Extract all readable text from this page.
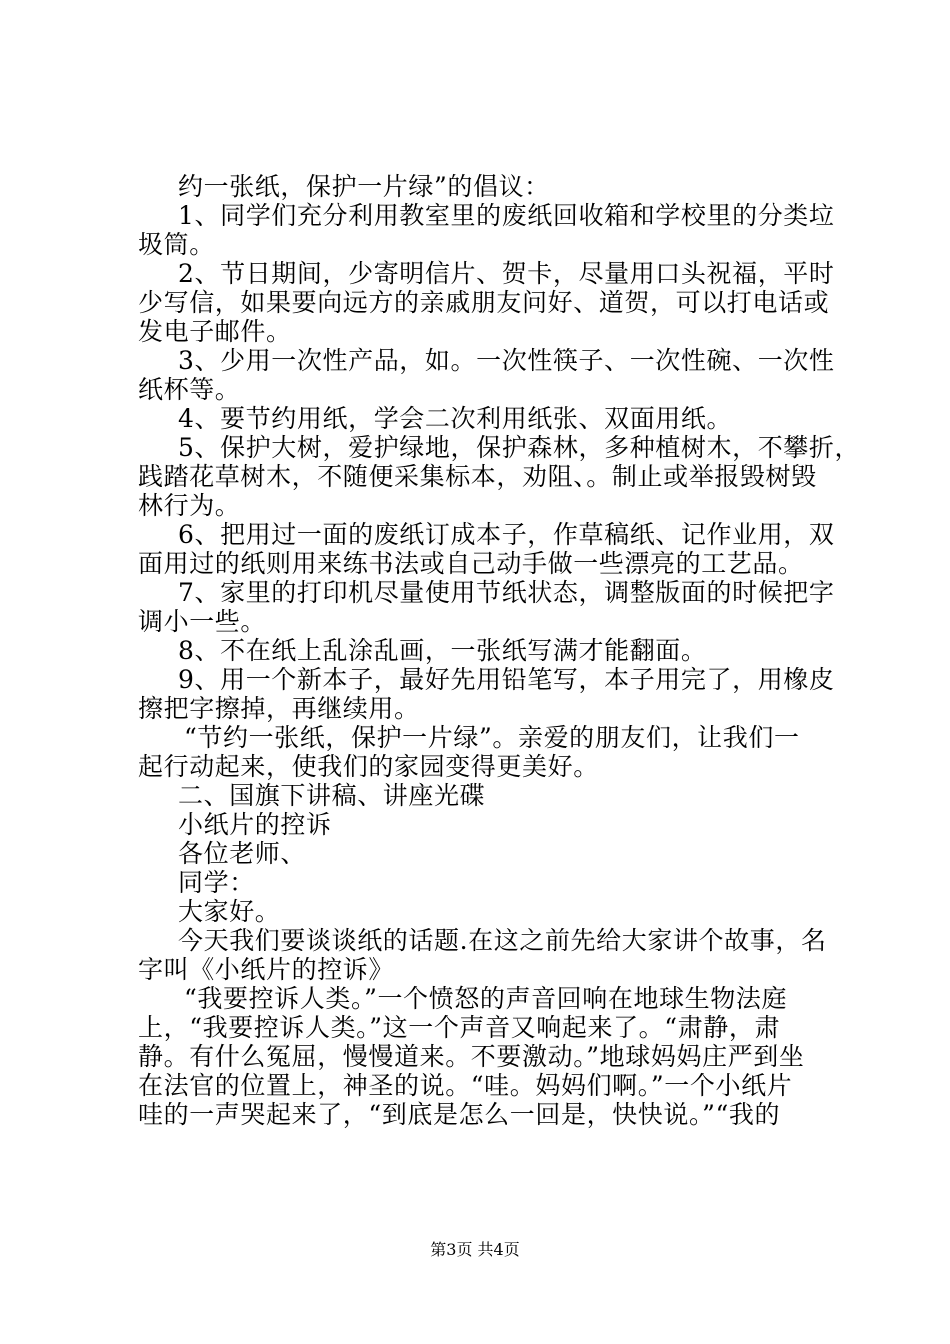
约一张纸，保护一片绿”的倡议：
1、同学们充分利用教室里的废纸回收箱和学校里的分类垃
圾筒。
2、节日期间，少寄明信片、贺卡，尽量用口头祝福，平时
少写信，如果要向远方的亲戚朋友问好、道贺，可以打电话或
发电子邮件。
3、少用一次性产品，如。一次性筷子、一次性碗、一次性
纸杯等。
4、要节约用纸，学会二次利用纸张、双面用纸。
5、保护大树，爱护绿地，保护森林，多种植树木，不攀折，
践踏花草树木，不随便采集标本，劝阻、。制止或举报毁树毁
林行为。
6、把用过一面的废纸订成本子，作草稿纸、记作业用，双
面用过的纸则用来练书法或自己动手做一些漂亮的工艺品。
7、家里的打印机尽量使用节纸状态，调整版面的时候把字
调小一些。
8、不在纸上乱涂乱画，一张纸写满才能翻面。
9、用一个新本子，最好先用铅笔写，本子用完了，用橡皮
擦把字擦掉，再继续用。
“节约一张纸，保护一片绿”。亲爱的朋友们，让我们一
起行动起来，使我们的家园变得更美好。
二、国旗下讲稿、讲座光碟
小纸片的控诉
各位老师、
同学：
大家好。
今天我们要谈谈纸的话题.在这之前先给大家讲个故事，名
字叫《小纸片的控诉》
“我要控诉人类。”一个愤怒的声音回响在地球生物法庭
上，“我要控诉人类。”这一个声音又响起来了。“肃静，肃
静。有什么冤屈，慢慢道来。不要激动。”地球妈妈庄严到坐
在法官的位置上，神圣的说。“哇。妈妈们啊。”一个小纸片
哇的一声哭起来了，“到底是怎么一回是，快快说。”“我的
第3页 共4页
